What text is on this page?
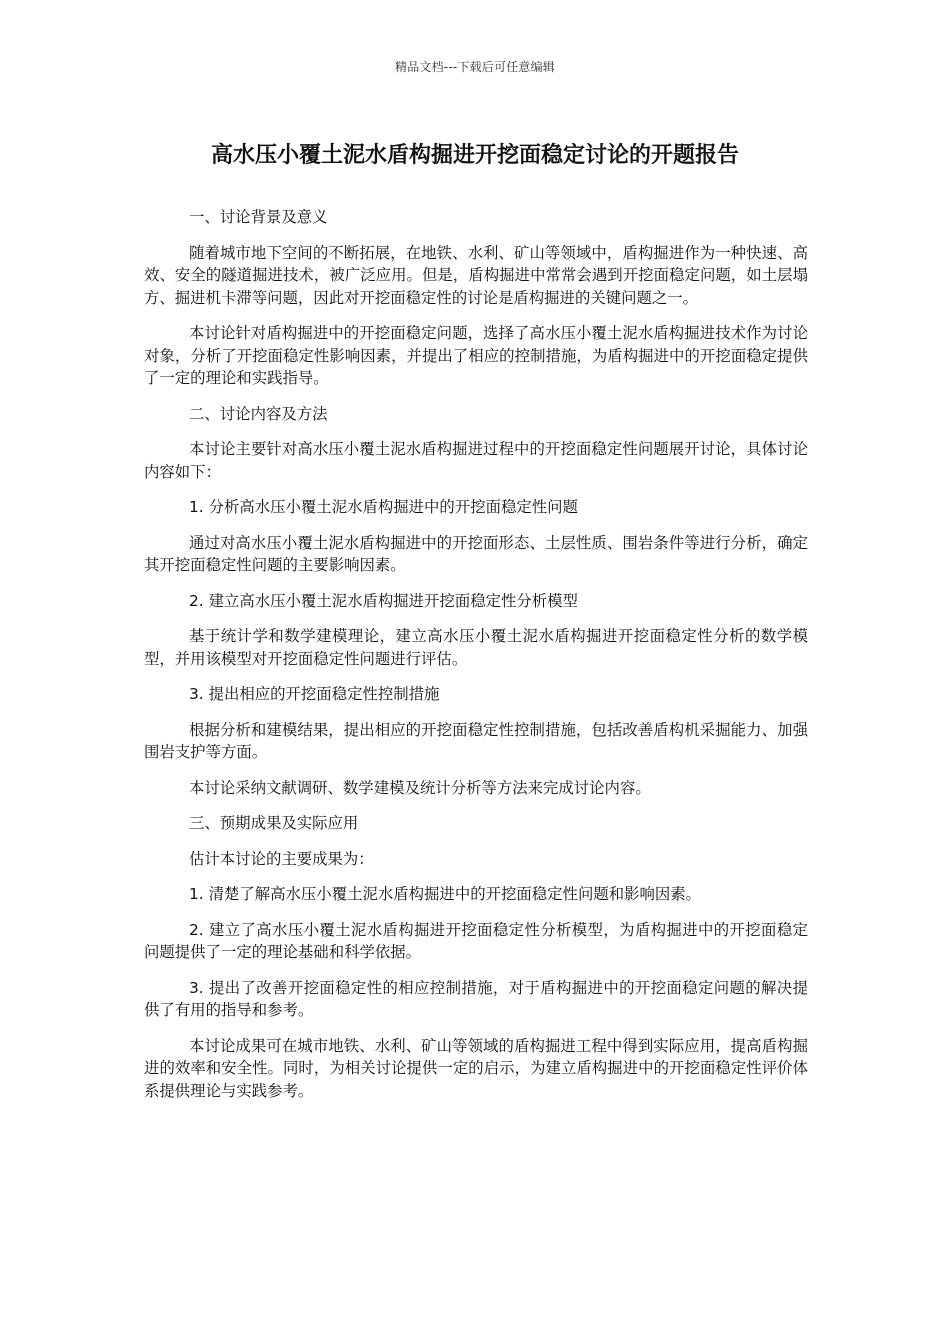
精品文档---下载后可任意编辑
高水压小覆土泥水盾构掘进开挖面稳定讨论的开题报告

一、讨论背景及意义

随着城市地下空间的不断拓展，在地铁、水利、矿山等领域中，盾构掘进作为一种快速、高效、安全的隧道掘进技术，被广泛应用。但是，盾构掘进中常常会遇到开挖面稳定问题，如土层塌方、掘进机卡滞等问题，因此对开挖面稳定性的讨论是盾构掘进的关键问题之一。

本讨论针对盾构掘进中的开挖面稳定问题，选择了高水压小覆土泥水盾构掘进技术作为讨论对象，分析了开挖面稳定性影响因素，并提出了相应的控制措施，为盾构掘进中的开挖面稳定提供了一定的理论和实践指导。

二、讨论内容及方法

本讨论主要针对高水压小覆土泥水盾构掘进过程中的开挖面稳定性问题展开讨论，具体讨论内容如下：

1. 分析高水压小覆土泥水盾构掘进中的开挖面稳定性问题

通过对高水压小覆土泥水盾构掘进中的开挖面形态、土层性质、围岩条件等进行分析，确定其开挖面稳定性问题的主要影响因素。

2. 建立高水压小覆土泥水盾构掘进开挖面稳定性分析模型

基于统计学和数学建模理论，建立高水压小覆土泥水盾构掘进开挖面稳定性分析的数学模型，并用该模型对开挖面稳定性问题进行评估。

3. 提出相应的开挖面稳定性控制措施

根据分析和建模结果，提出相应的开挖面稳定性控制措施，包括改善盾构机采掘能力、加强围岩支护等方面。

本讨论采纳文献调研、数学建模及统计分析等方法来完成讨论内容。

三、预期成果及实际应用

估计本讨论的主要成果为：

1. 清楚了解高水压小覆土泥水盾构掘进中的开挖面稳定性问题和影响因素。

2. 建立了高水压小覆土泥水盾构掘进开挖面稳定性分析模型，为盾构掘进中的开挖面稳定问题提供了一定的理论基础和科学依据。

3. 提出了改善开挖面稳定性的相应控制措施，对于盾构掘进中的开挖面稳定问题的解决提供了有用的指导和参考。

本讨论成果可在城市地铁、水利、矿山等领域的盾构掘进工程中得到实际应用，提高盾构掘进的效率和安全性。同时，为相关讨论提供一定的启示，为建立盾构掘进中的开挖面稳定性评价体系提供理论与实践参考。
